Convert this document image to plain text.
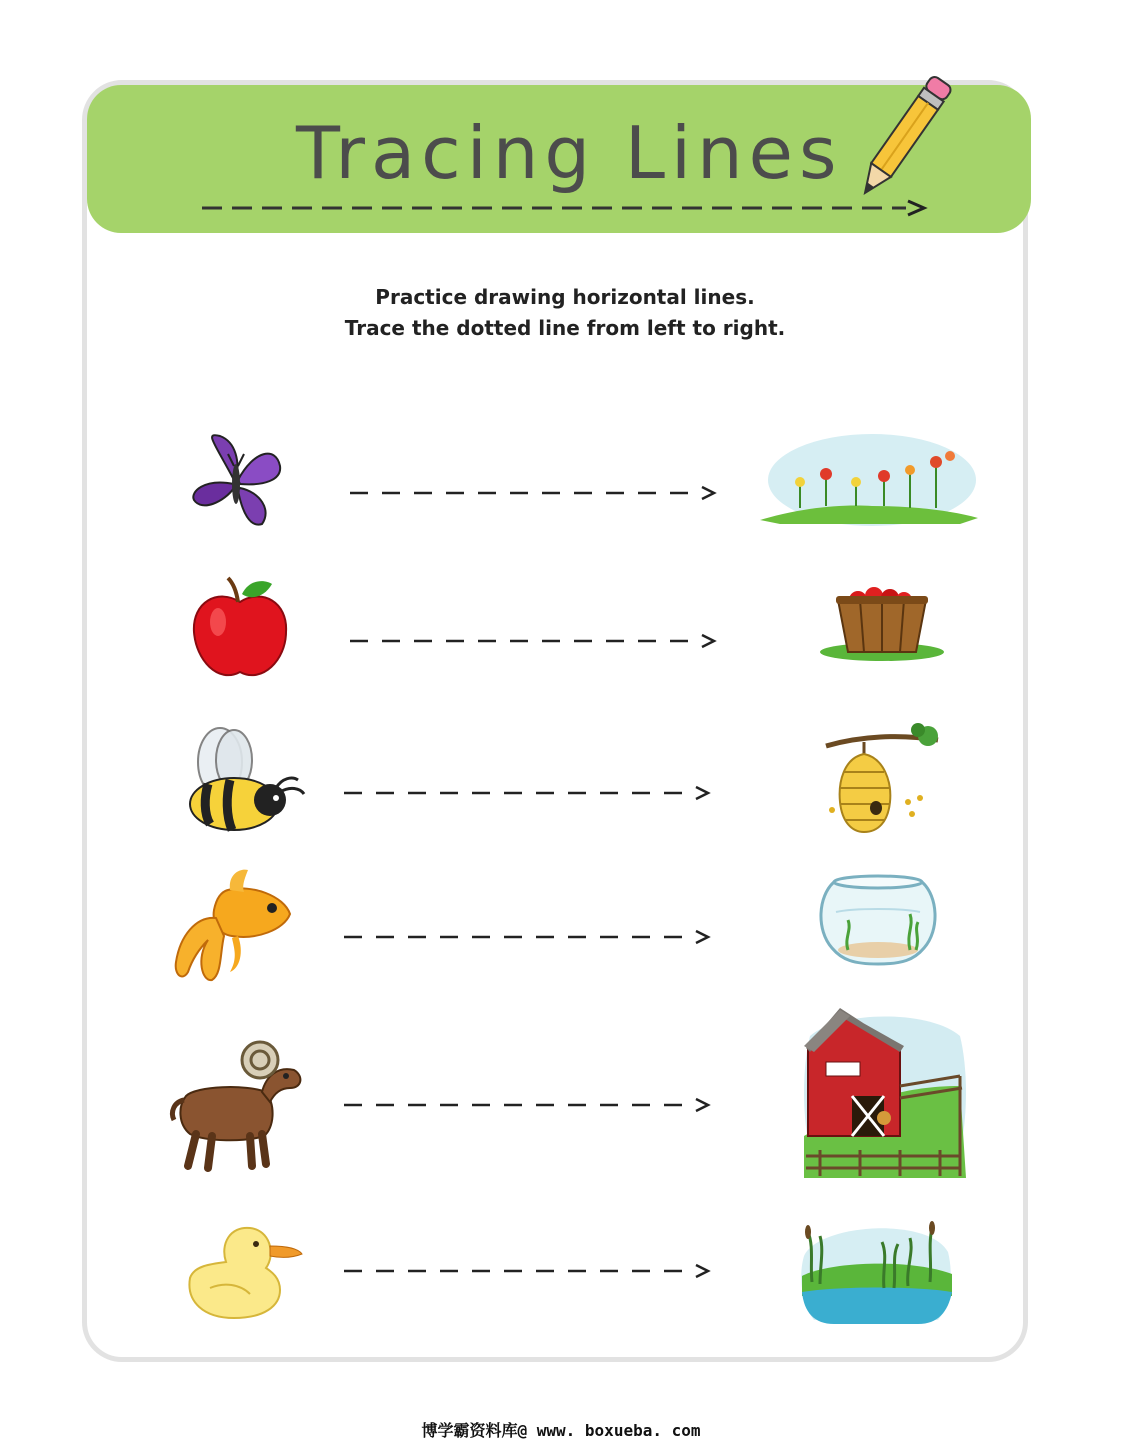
Tracing Lines
Practice drawing horizontal lines.
Trace the dotted line from left to right.
博学霸资料库@ www. boxueba. com
